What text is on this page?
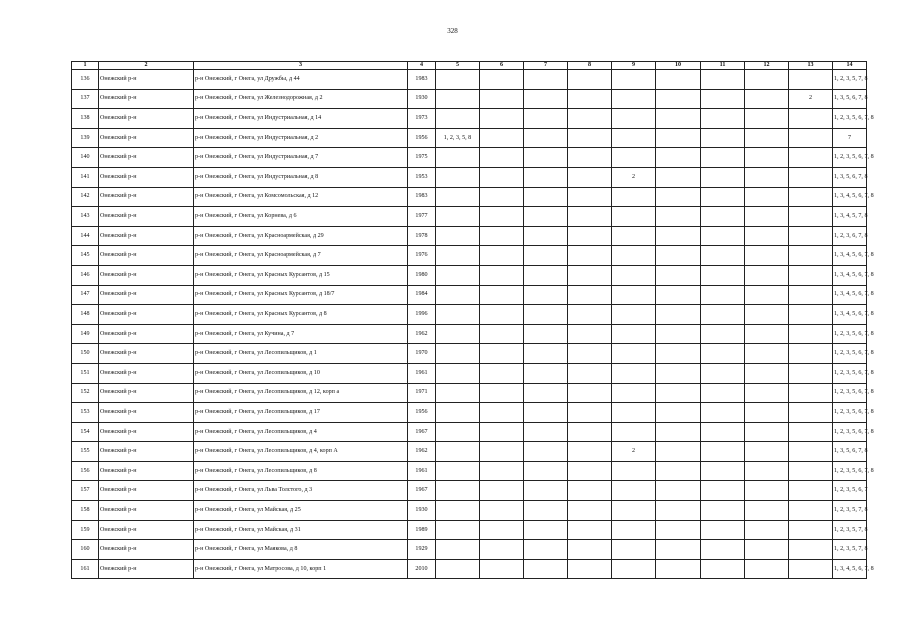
328
1	2	3	4	5	6	7	8	9	10	11	12	13	14
136	Онежский р-н	р-н Онежский, г Онега, ул Дружбы, д 44	1983										1, 2, 3, 5, 7, 8
137	Онежский р-н	р-н Онежский, г Онега, ул Железнодорожная, д 2	1930									2	1, 3, 5, 6, 7, 8
138	Онежский р-н	р-н Онежский, г Онега, ул Индустриальная, д 14	1973										1, 2, 3, 5, 6, 7, 8
139	Онежский р-н	р-н Онежский, г Онега, ул Индустриальная, д 2	1956	1, 2, 3, 5, 8									7
140	Онежский р-н	р-н Онежский, г Онега, ул Индустриальная, д 7	1975										1, 2, 3, 5, 6, 7, 8
141	Онежский р-н	р-н Онежский, г Онега, ул Индустриальная, д 8	1953					2					1, 3, 5, 6, 7, 8
142	Онежский р-н	р-н Онежский, г Онега, ул Комсомольская, д 12	1983										1, 3, 4, 5, 6, 7, 8
143	Онежский р-н	р-н Онежский, г Онега, ул Корнева, д 6	1977										1, 3, 4, 5, 7, 8
144	Онежский р-н	р-н Онежский, г Онега, ул Красноармейская, д 29	1978										1, 2, 3, 6, 7, 8
145	Онежский р-н	р-н Онежский, г Онега, ул Красноармейская, д 7	1976										1, 3, 4, 5, 6, 7, 8
146	Онежский р-н	р-н Онежский, г Онега, ул Красных Курсантов, д 15	1980										1, 3, 4, 5, 6, 7, 8
147	Онежский р-н	р-н Онежский, г Онега, ул Красных Курсантов, д 18/7	1984										1, 3, 4, 5, 6, 7, 8
148	Онежский р-н	р-н Онежский, г Онега, ул Красных Курсантов, д 8	1996										1, 3, 4, 5, 6, 7, 8
149	Онежский р-н	р-н Онежский, г Онега, ул Кучина, д 7	1962										1, 2, 3, 5, 6, 7, 8
150	Онежский р-н	р-н Онежский, г Онега, ул Лесопильщиков, д 1	1970										1, 2, 3, 5, 6, 7, 8
151	Онежский р-н	р-н Онежский, г Онега, ул Лесопильщиков, д 10	1961										1, 2, 3, 5, 6, 7, 8
152	Онежский р-н	р-н Онежский, г Онега, ул Лесопильщиков, д 12, корп а	1971										1, 2, 3, 5, 6, 7, 8
153	Онежский р-н	р-н Онежский, г Онега, ул Лесопильщиков, д 17	1956										1, 2, 3, 5, 6, 7, 8
154	Онежский р-н	р-н Онежский, г Онега, ул Лесопильщиков, д 4	1967										1, 2, 3, 5, 6, 7, 8
155	Онежский р-н	р-н Онежский, г Онега, ул Лесопильщиков, д 4, корп А	1962					2					1, 3, 5, 6, 7, 8
156	Онежский р-н	р-н Онежский, г Онега, ул Лесопильщиков, д 8	1961										1, 2, 3, 5, 6, 7, 8
157	Онежский р-н	р-н Онежский, г Онега, ул Льва Толстого, д 3	1967										1, 2, 3, 5, 6, 7
158	Онежский р-н	р-н Онежский, г Онега, ул Майская, д 25	1930										1, 2, 3, 5, 7, 8
159	Онежский р-н	р-н Онежский, г Онега, ул Майская, д 31	1989										1, 2, 3, 5, 7, 8
160	Онежский р-н	р-н Онежский, г Онега, ул Маякова, д 8	1929										1, 2, 3, 5, 7, 8
161	Онежский р-н	р-н Онежский, г Онега, ул Матросова, д 10, корп 1	2010										1, 3, 4, 5, 6, 7, 8
